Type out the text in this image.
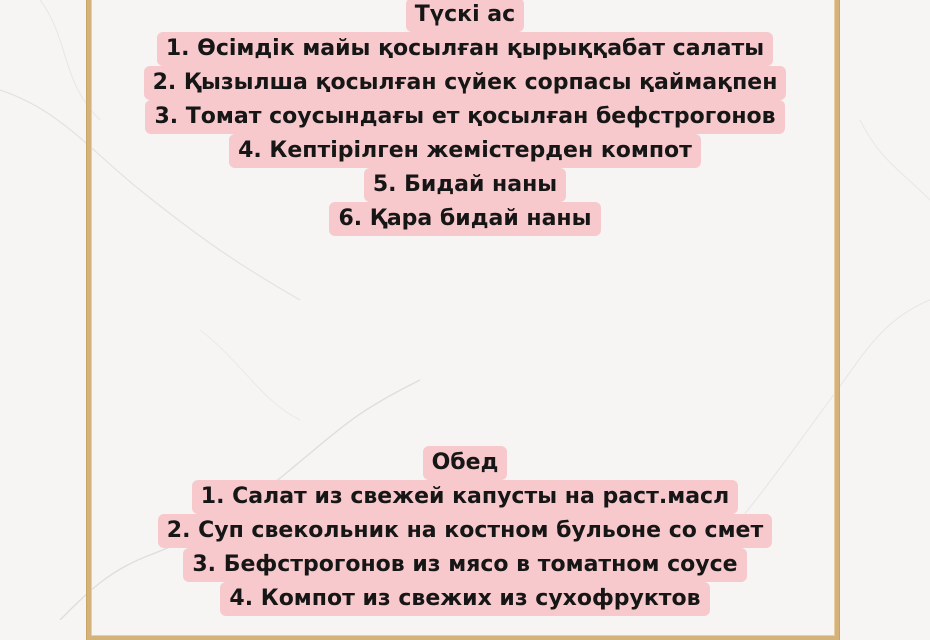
Түскі ас
1. Өсімдік майы қосылған қырыққабат салаты
2. Қызылша қосылған сүйек сорпасы қаймақпен
3. Томат соусындағы ет қосылған бефстрогонов
4. Кептірілген жемістерден компот
5. Бидай наны
6. Қара бидай наны
Обед
1. Салат из свежей капусты на раст.масл
2. Суп свекольник на костном бульоне со смет
3. Бефстрогонов из мясо в томатном соусе
4. Компот из свежих из сухофруктов
